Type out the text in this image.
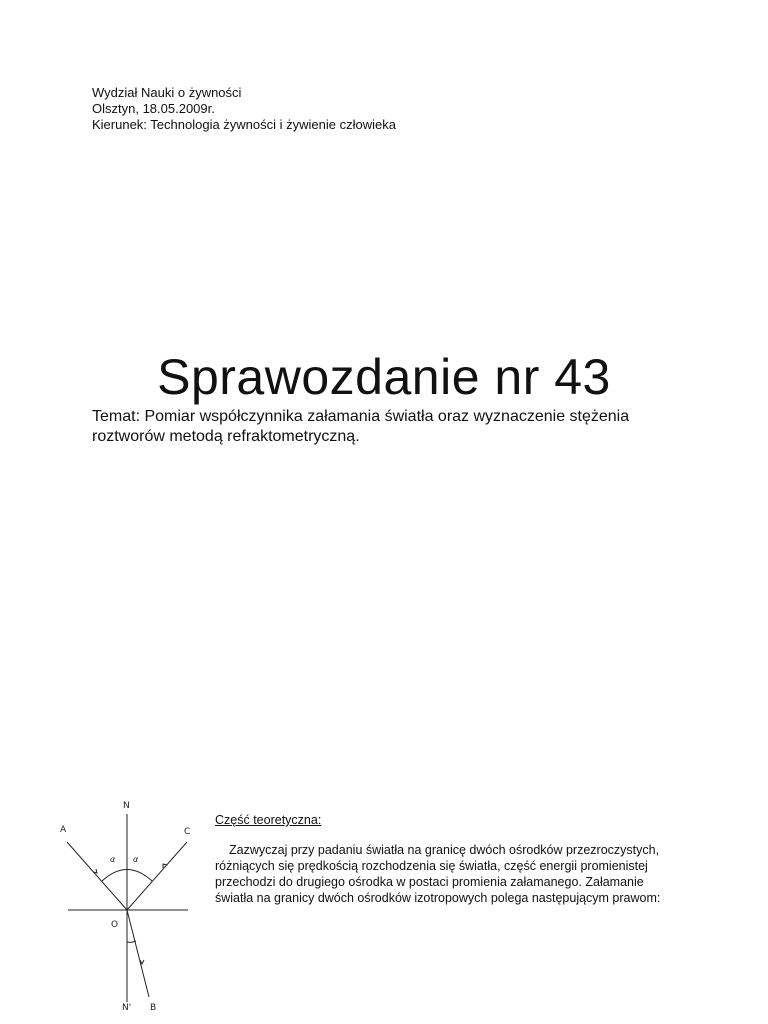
Wydział Nauki o żywności
Olsztyn, 18.05.2009r.
Kierunek: Technologia żywności i żywienie człowieka
Sprawozdanie nr 43
Temat: Pomiar współczynnika załamania światła oraz wyznaczenie stężenia roztworów metodą refraktometryczną.
N
A	C
α α
O
N' B
Część teoretyczna:

Zazwyczaj przy padaniu światła na granicę dwóch ośrodków przezroczystych, różniących się prędkością rozchodzenia się światła, część energii promienistej przechodzi do drugiego ośrodka w postaci promienia załamanego. Załamanie światła na granicy dwóch ośrodków izotropowych polega następującym prawom:
